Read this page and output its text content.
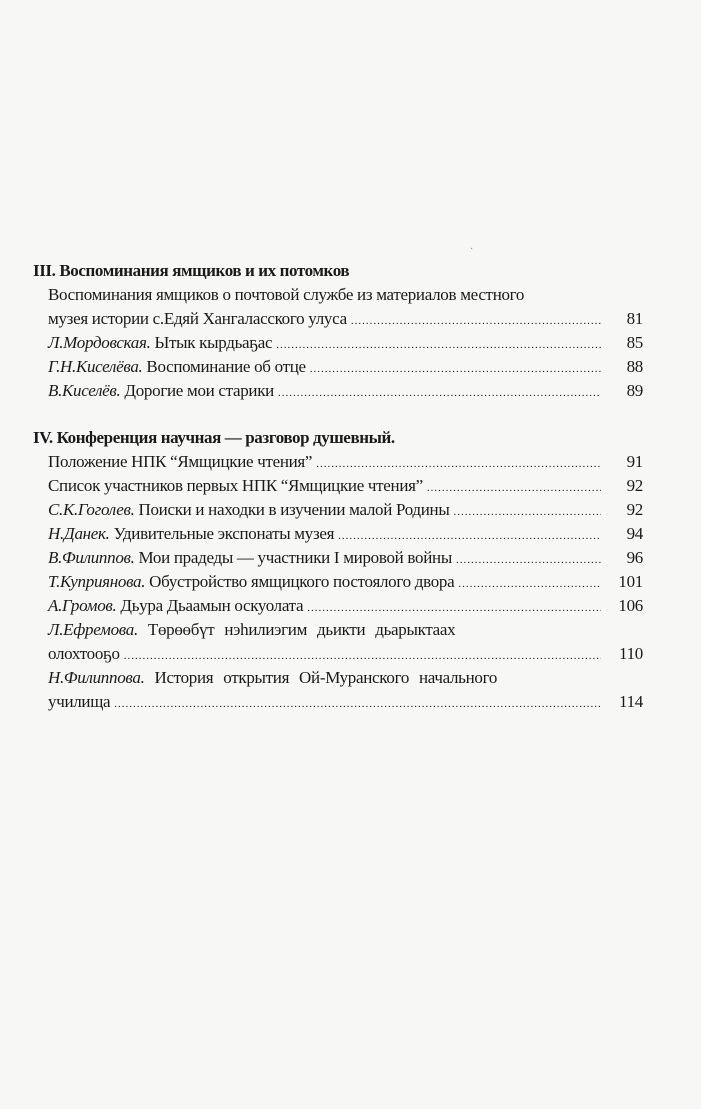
·
III. Воспоминания ямщиков и их потомков
Воспоминания ямщиков о почтовой службе из материалов местного
музея истории с.Едяй Хангаласского улуса .....	81
Л.Мордовская. Ытык кырдьаҕас .....	85
Г.Н.Киселёва. Воспоминание об отце .....	88
В.Киселёв. Дорогие мои старики .....	89
IV. Конференция научная — разговор душевный.
Положение НПК “Ямщицкие чтения” .....	91
Список участников первых НПК “Ямщицкие чтения” .....	92
С.К.Гоголев. Поиски и находки в изучении малой Родины .....	92
Н.Данек. Удивительные экспонаты музея .....	94
В.Филиппов. Мои прадеды — участники I мировой войны .....	96
Т.Куприянова. Обустройство ямщицкого постоялого двора .....	101
А.Громов. Дьура Дьаамын оскуолата .....	106
Л.Ефремова. Төрөөбүт нэһилиэгим дьикти дьарыктаах
олохтооҕо .....	110
Н.Филиппова. История открытия Ой-Муранского начального
училища .....	114
